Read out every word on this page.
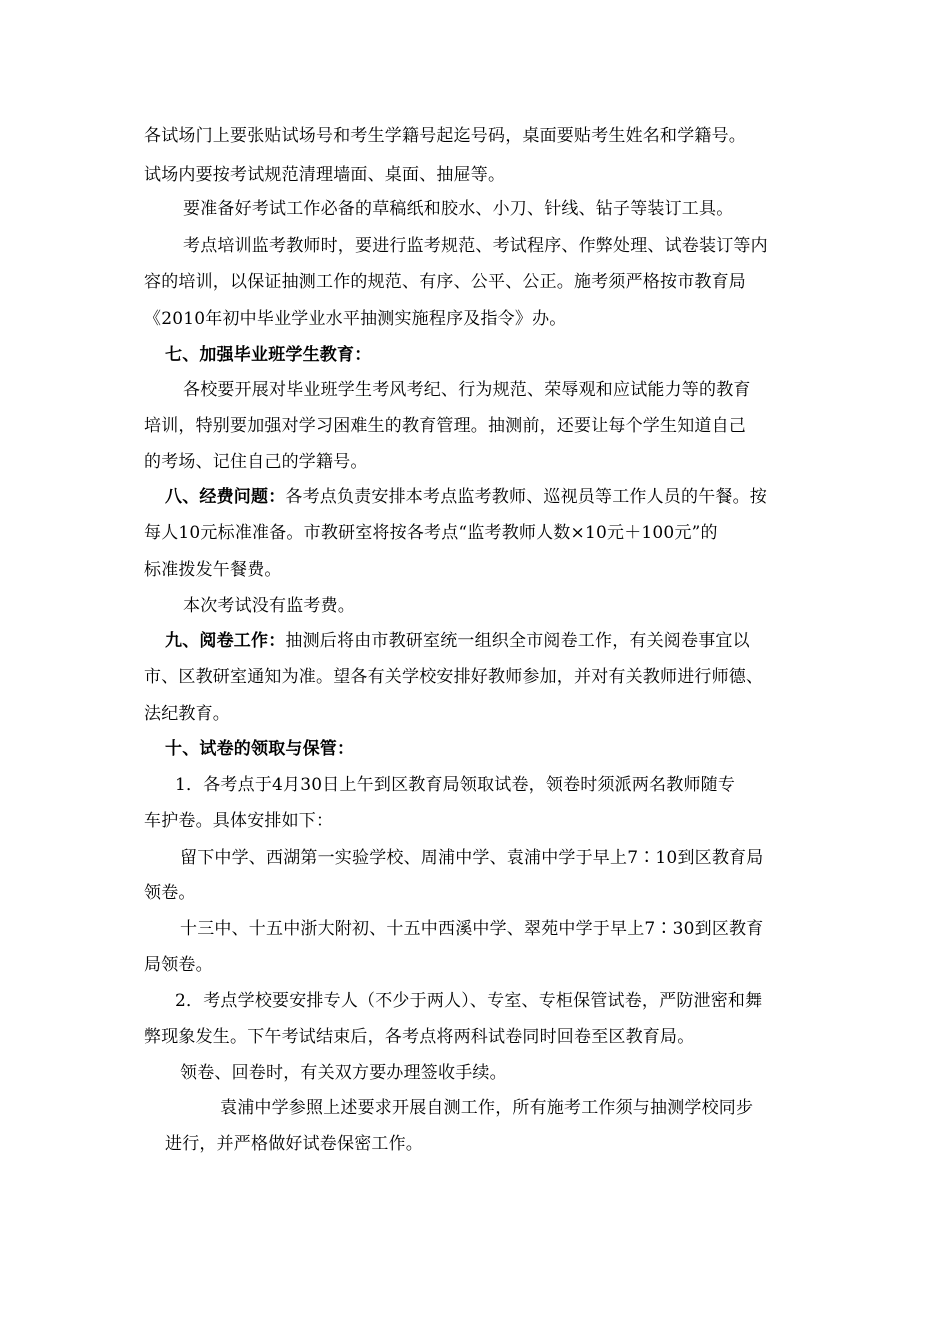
各试场门上要张贴试场号和考生学籍号起迄号码，桌面要贴考生姓名和学籍号。

试场内要按考试规范清理墙面、桌面、抽屉等。

要准备好考试工作必备的草稿纸和胶水、小刀、针线、钻子等装订工具。

考点培训监考教师时，要进行监考规范、考试程序、作弊处理、试卷装订等内

容的培训，以保证抽测工作的规范、有序、公平、公正。施考须严格按市教育局

《2010年初中毕业学业水平抽测实施程序及指令》办。

七、加强毕业班学生教育：

各校要开展对毕业班学生考风考纪、行为规范、荣辱观和应试能力等的教育

培训，特别要加强对学习困难生的教育管理。抽测前，还要让每个学生知道自己

的考场、记住自己的学籍号。

八、经费问题：各考点负责安排本考点监考教师、巡视员等工作人员的午餐。按

每人10元标准准备。市教研室将按各考点“监考教师人数×10元＋100元”的

标准拨发午餐费。

本次考试没有监考费。

九、阅卷工作：抽测后将由市教研室统一组织全市阅卷工作，有关阅卷事宜以

市、区教研室通知为准。望各有关学校安排好教师参加，并对有关教师进行师德、

法纪教育。

十、试卷的领取与保管：

1．各考点于4月30日上午到区教育局领取试卷，领卷时须派两名教师随专

车护卷。具体安排如下：

留下中学、西湖第一实验学校、周浦中学、袁浦中学于早上7∶10到区教育局

领卷。

十三中、十五中浙大附初、十五中西溪中学、翠苑中学于早上7∶30到区教育

局领卷。

2．考点学校要安排专人（不少于两人）、专室、专柜保管试卷，严防泄密和舞

弊现象发生。下午考试结束后，各考点将两科试卷同时回卷至区教育局。

领卷、回卷时，有关双方要办理签收手续。

袁浦中学参照上述要求开展自测工作，所有施考工作须与抽测学校同步

进行，并严格做好试卷保密工作。
